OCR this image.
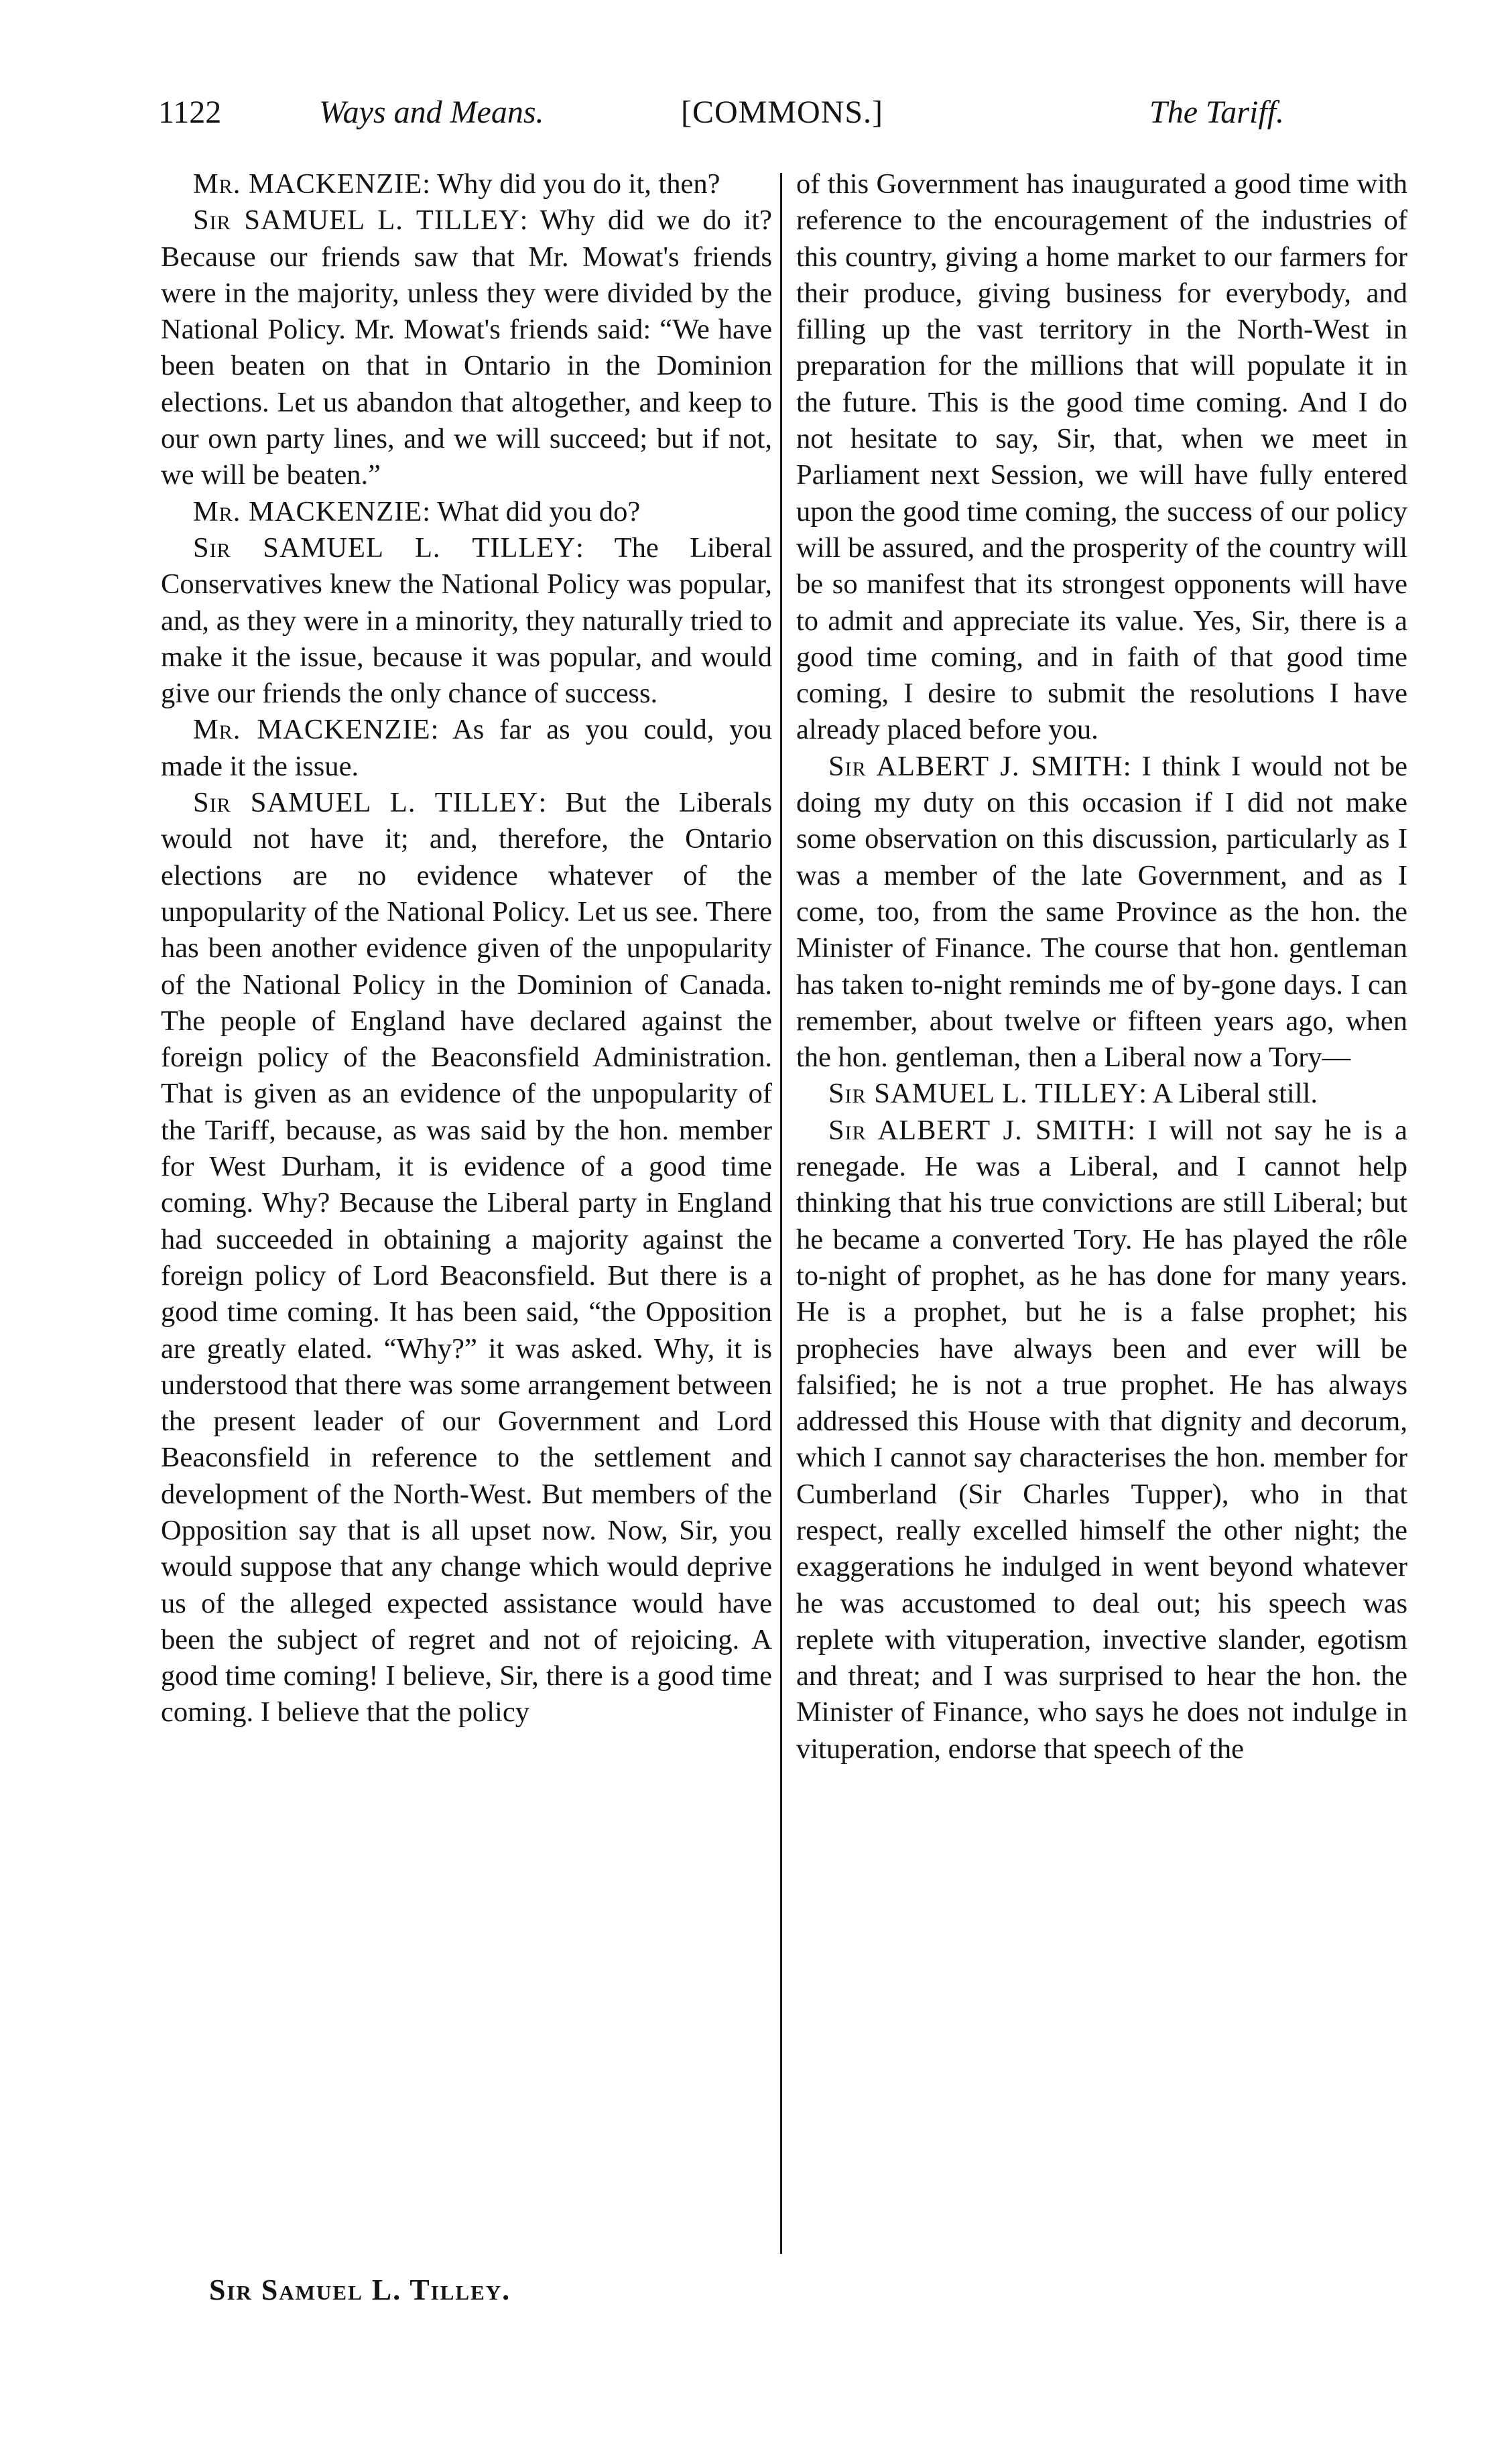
1122	Ways and Means.	[COMMONS.]	The Tariff.

Mr. MACKENZIE: Why did you do it, then?

Sir SAMUEL L. TILLEY: Why did we do it? Because our friends saw that Mr. Mowat's friends were in the majority, unless they were divided by the National Policy. Mr. Mowat's friends said: “We have been beaten on that in Ontario in the Dominion elections. Let us abandon that altogether, and keep to our own party lines, and we will succeed; but if not, we will be beaten.”

Mr. MACKENZIE: What did you do?

Sir SAMUEL L. TILLEY: The Liberal Conservatives knew the National Policy was popular, and, as they were in a minority, they naturally tried to make it the issue, because it was popular, and would give our friends the only chance of success.

Mr. MACKENZIE: As far as you could, you made it the issue.

Sir SAMUEL L. TILLEY: But the Liberals would not have it; and, therefore, the Ontario elections are no evidence whatever of the unpopularity of the National Policy. Let us see. There has been another evidence given of the unpopularity of the National Policy in the Dominion of Canada. The people of England have declared against the foreign policy of the Beaconsfield Administration. That is given as an evidence of the unpopularity of the Tariff, because, as was said by the hon. member for West Durham, it is evidence of a good time coming. Why? Because the Liberal party in England had succeeded in obtaining a majority against the foreign policy of Lord Beaconsfield. But there is a good time coming. It has been said, “the Opposition are greatly elated. “Why?” it was asked. Why, it is understood that there was some arrangement between the present leader of our Government and Lord Beaconsfield in reference to the settlement and development of the North-West. But members of the Opposition say that is all upset now. Now, Sir, you would suppose that any change which would deprive us of the alleged expected assistance would have been the subject of regret and not of rejoicing. A good time coming! I believe, Sir, there is a good time coming. I believe that the policy

of this Government has inaugurated a good time with reference to the encouragement of the industries of this country, giving a home market to our farmers for their produce, giving business for everybody, and filling up the vast territory in the North-West in preparation for the millions that will populate it in the future. This is the good time coming. And I do not hesitate to say, Sir, that, when we meet in Parliament next Session, we will have fully entered upon the good time coming, the success of our policy will be assured, and the prosperity of the country will be so manifest that its strongest opponents will have to admit and appreciate its value. Yes, Sir, there is a good time coming, and in faith of that good time coming, I desire to submit the resolutions I have already placed before you.

Sir ALBERT J. SMITH: I think I would not be doing my duty on this occasion if I did not make some observation on this discussion, particularly as I was a member of the late Government, and as I come, too, from the same Province as the hon. the Minister of Finance. The course that hon. gentleman has taken to-night reminds me of by-gone days. I can remember, about twelve or fifteen years ago, when the hon. gentleman, then a Liberal now a Tory—

Sir SAMUEL L. TILLEY: A Liberal still.

Sir ALBERT J. SMITH: I will not say he is a renegade. He was a Liberal, and I cannot help thinking that his true convictions are still Liberal; but he became a converted Tory. He has played the rôle to-night of prophet, as he has done for many years. He is a prophet, but he is a false prophet; his prophecies have always been and ever will be falsified; he is not a true prophet. He has always addressed this House with that dignity and decorum, which I cannot say characterises the hon. member for Cumberland (Sir Charles Tupper), who in that respect, really excelled himself the other night; the exaggerations he indulged in went beyond whatever he was accustomed to deal out; his speech was replete with vituperation, invective slander, egotism and threat; and I was surprised to hear the hon. the Minister of Finance, who says he does not indulge in vituperation, endorse that speech of the

Sir Samuel L. Tilley.
